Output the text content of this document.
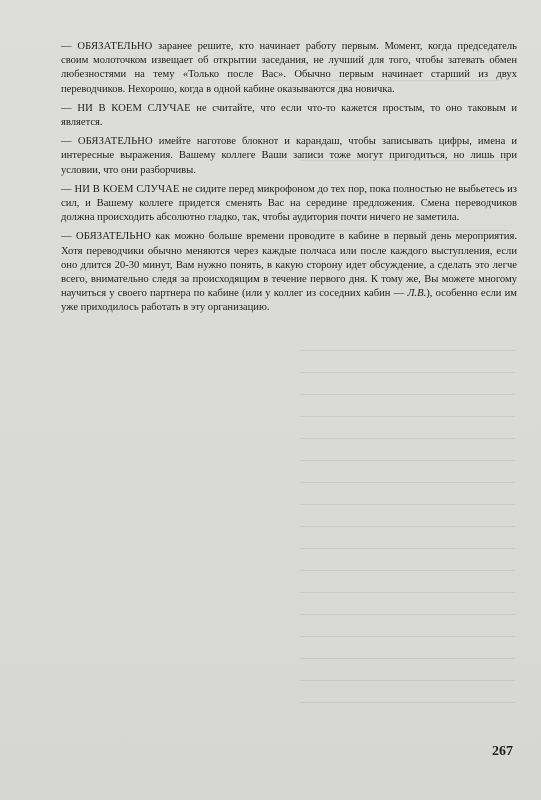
— ОБЯЗАТЕЛЬНО заранее решите, кто начинает работу первым. Момент, когда председатель своим молоточком извещает об открытии заседания, не лучший для того, чтобы затевать обмен любезностями на тему «Только после Вас». Обычно первым начинает старший из двух переводчиков. Нехорошо, когда в одной кабине оказываются два новичка.

— НИ В КОЕМ СЛУЧАЕ не считайте, что если что-то кажется простым, то оно таковым и является.

— ОБЯЗАТЕЛЬНО имейте наготове блокнот и карандаш, чтобы записывать цифры, имена и интересные выражения. Вашему коллеге Ваши записи тоже могут пригодиться, но лишь при условии, что они разборчивы.

— НИ В КОЕМ СЛУЧАЕ не сидите перед микрофоном до тех пор, пока полностью не выбьетесь из сил, и Вашему коллеге придется сменять Вас на середине предложения. Смена переводчиков должна происходить абсолютно гладко, так, чтобы аудитория почти ничего не заметила.

— ОБЯЗАТЕЛЬНО как можно больше времени проводите в кабине в первый день мероприятия. Хотя переводчики обычно меняются через каждые полчаса или после каждого выступления, если оно длится 20-30 минут, Вам нужно понять, в какую сторону идет обсуждение, а сделать это легче всего, внимательно следя за происходящим в течение первого дня. К тому же, Вы можете многому научиться у своего партнера по кабине (или у коллег из соседних кабин — Л.В.), особенно если им уже приходилось работать в эту организацию.

267
